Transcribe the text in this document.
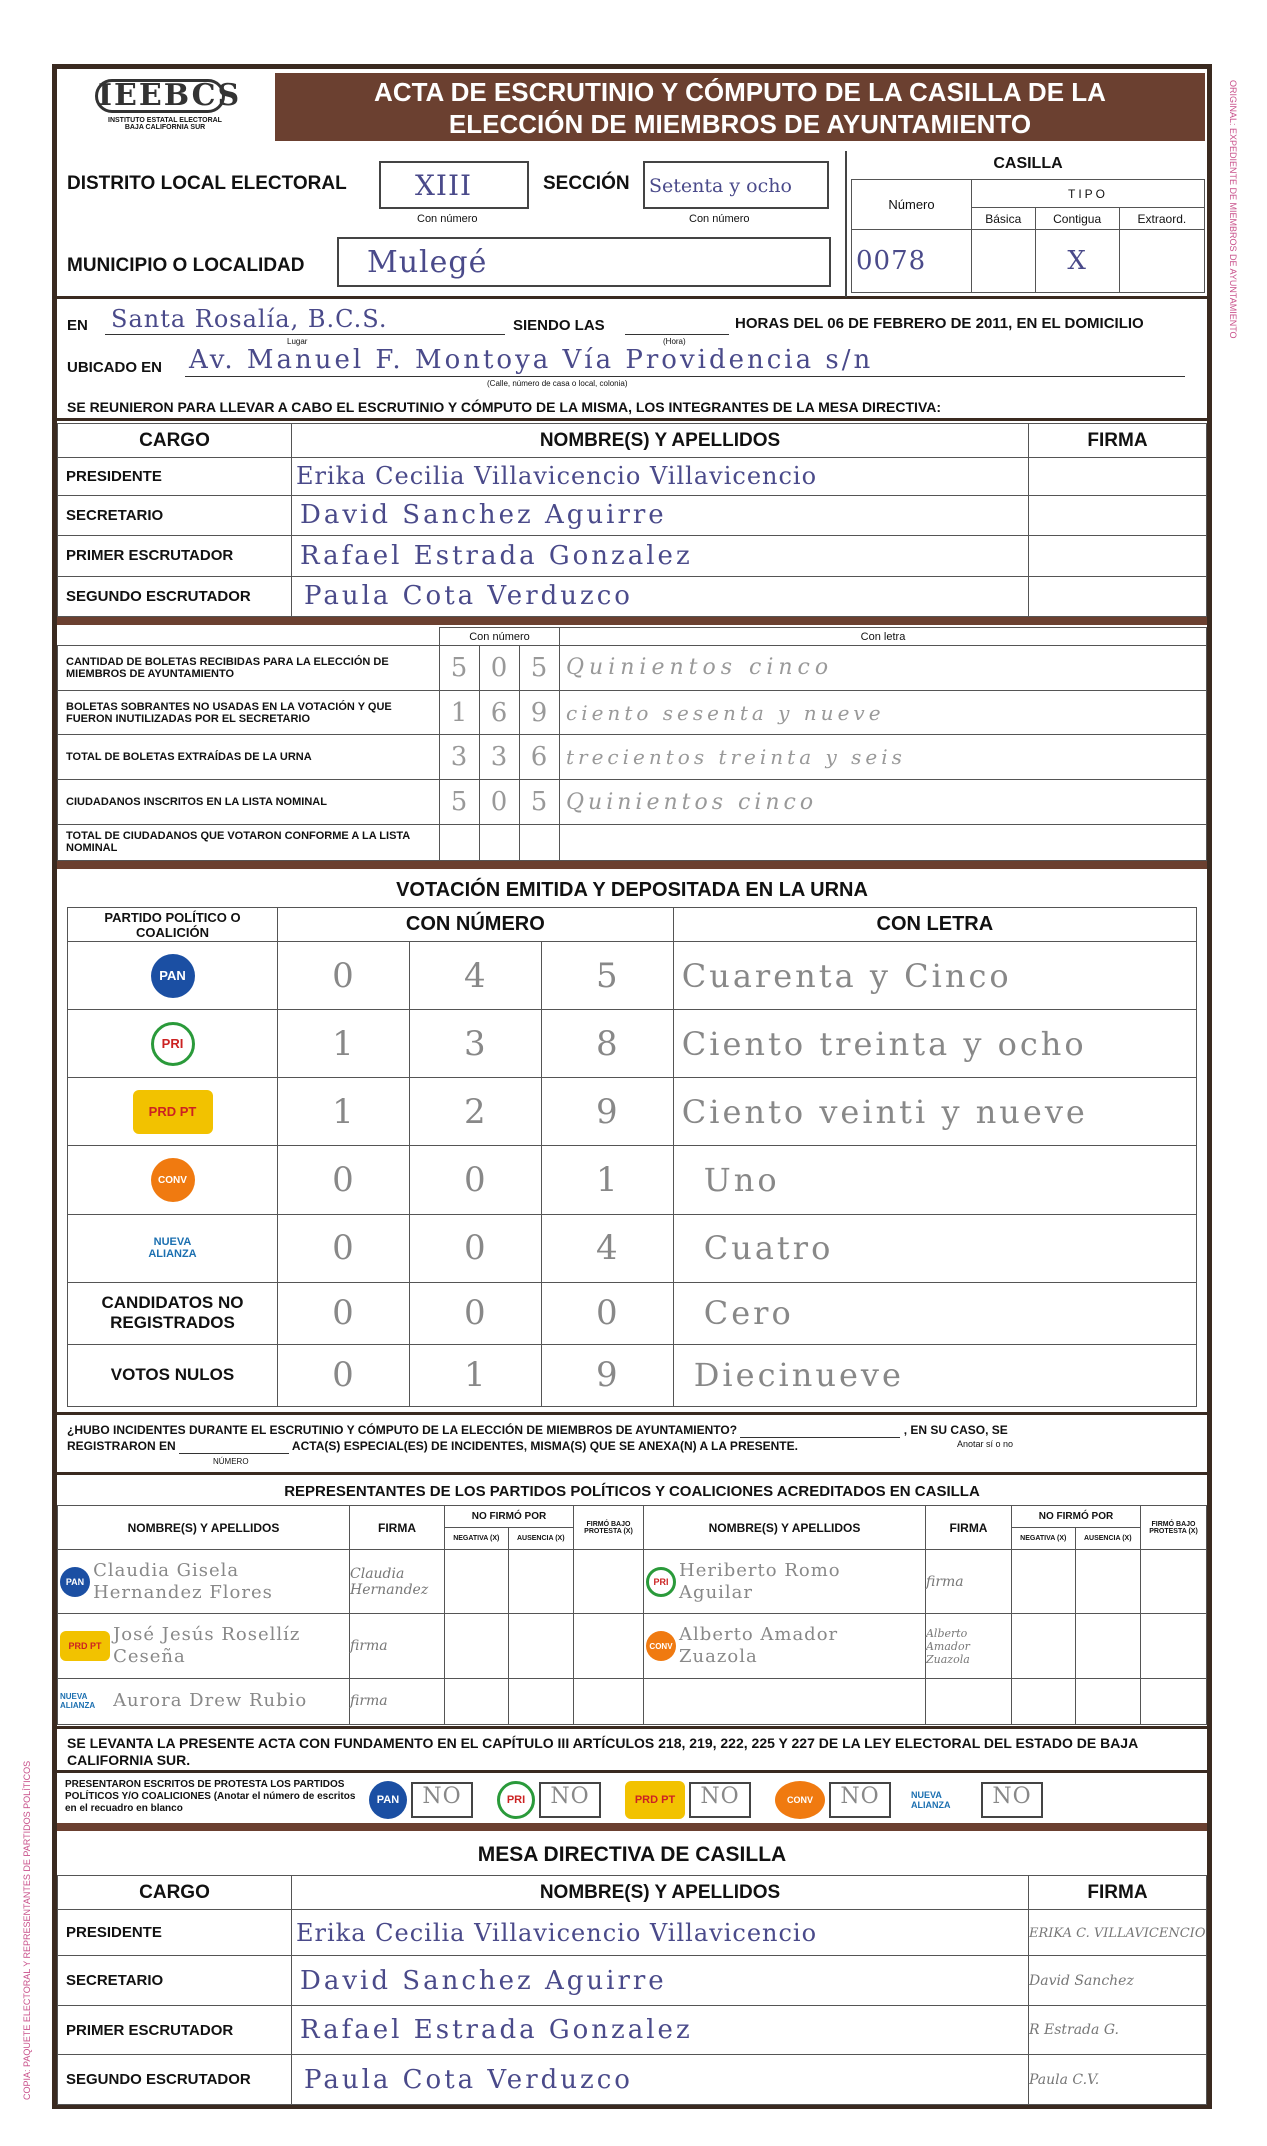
ORIGINAL: EXPEDIENTE DE MIEMBROS DE AYUNTAMIENTO
COPIA: PAQUETE ELECTORAL Y REPRESENTANTES DE PARTIDOS POLÍTICOS
IEEBCS
INSTITUTO ESTATAL ELECTORAL
BAJA CALIFORNIA SUR
ACTA DE ESCRUTINIO Y CÓMPUTO DE LA CASILLA DE LA
ELECCIÓN DE MIEMBROS DE AYUNTAMIENTO
DISTRITO LOCAL ELECTORAL XIII
Con número
SECCIÓN Setenta y ocho
Con número
MUNICIPIO O LOCALIDAD Mulegé
CASILLA
Número	TIPO		
	Básica	Contigua	Extraord.
0078		X	
EN Santa Rosalía, B.C.S.
Lugar
SIENDO LAS
(Hora)
HORAS DEL 06 DE FEBRERO DE 2011, EN EL DOMICILIO
UBICADO EN Av. Manuel F. Montoya Vía Providencia s/n
(Calle, número de casa o local, colonia)
SE REUNIERON PARA LLEVAR A CABO EL ESCRUTINIO Y CÓMPUTO DE LA MISMA, LOS INTEGRANTES DE LA MESA DIRECTIVA:
CARGO	NOMBRE(S) Y APELLIDOS	FIRMA
PRESIDENTE	Erika Cecilia Villavicencio Villavicencio	
SECRETARIO	David Sanchez Aguirre	
PRIMER ESCRUTADOR	Rafael Estrada Gonzalez	
SEGUNDO ESCRUTADOR	Paula Cota Verduzco	
	Con número			Con letra
CANTIDAD DE BOLETAS RECIBIDAS PARA LA ELECCIÓN DE MIEMBROS DE AYUNTAMIENTO	5	0	5	Quinientos cinco
BOLETAS SOBRANTES NO USADAS EN LA VOTACIÓN Y QUE FUERON INUTILIZADAS POR EL SECRETARIO	1	6	9	ciento sesenta y nueve
TOTAL DE BOLETAS EXTRAÍDAS DE LA URNA	3	3	6	trecientos treinta y seis
CIUDADANOS INSCRITOS EN LA LISTA NOMINAL	5	0	5	Quinientos cinco
TOTAL DE CIUDADANOS QUE VOTARON CONFORME A LA LISTA NOMINAL				
VOTACIÓN EMITIDA Y DEPOSITADA EN LA URNA
PARTIDO POLÍTICO O COALICIÓN	CON NÚMERO			CON LETRA
PAN	0	4	5	Cuarenta y Cinco
PRI	1	3	8	Ciento treinta y ocho
PRD PT	1	2	9	Ciento veinti y nueve
CONV	0	0	1	Uno
NUEVA ALIANZA	0	0	4	Cuatro
CANDIDATOS NO REGISTRADOS	0	0	0	Cero
VOTOS NULOS	0	1	9	Diecinueve
¿HUBO INCIDENTES DURANTE EL ESCRUTINIO Y CÓMPUTO DE LA ELECCIÓN DE MIEMBROS DE AYUNTAMIENTO?	, EN SU CASO, SE
REGISTRARON EN	ACTA(S) ESPECIAL(ES) DE INCIDENTES, MISMA(S) QUE SE ANEXA(N) A LA PRESENTE.
NÚMERO
Anotar sí o no
REPRESENTANTES DE LOS PARTIDOS POLÍTICOS Y COALICIONES ACREDITADOS EN CASILLA
NOMBRE(S) Y APELLIDOS	FIRMA	NO FIRMÓ POR		FIRMÓ BAJO PROTESTA (X)	NOMBRE(S) Y APELLIDOS	FIRMA	NO FIRMÓ POR		FIRMÓ BAJO PROTESTA (X)
		NEGATIVA (X)	AUSENCIA (X)				NEGATIVA (X)	AUSENCIA (X)	
PAN Claudia Gisela Hernandez Flores	Claudia Hernandez				PRI Heriberto Romo Aguilar	firma			
PRD PT José Jesús Rosellíz Ceseña	firma				CONV Alberto Amador Zuazola	Alberto Amador Zuazola			
NUEVA ALIANZA Aurora Drew Rubio	firma								
SE LEVANTA LA PRESENTE ACTA CON FUNDAMENTO EN EL CAPÍTULO III ARTÍCULOS 218, 219, 222, 225 Y 227 DE LA LEY ELECTORAL DEL ESTADO DE BAJA CALIFORNIA SUR.
PRESENTARON ESCRITOS DE PROTESTA LOS PARTIDOS POLÍTICOS Y/O COALICIONES (Anotar el número de escritos en el recuadro en blanco
PAN	NO	PRI	NO	PRD PT	NO	CONV	NO	NUEVA ALIANZA	NO
MESA DIRECTIVA DE CASILLA
CARGO	NOMBRE(S) Y APELLIDOS	FIRMA
PRESIDENTE	Erika Cecilia Villavicencio Villavicencio	ERIKA C. VILLAVICENCIO
SECRETARIO	David Sanchez Aguirre	David Sanchez
PRIMER ESCRUTADOR	Rafael Estrada Gonzalez	R Estrada G.
SEGUNDO ESCRUTADOR	Paula Cota Verduzco	Paula C.V.
